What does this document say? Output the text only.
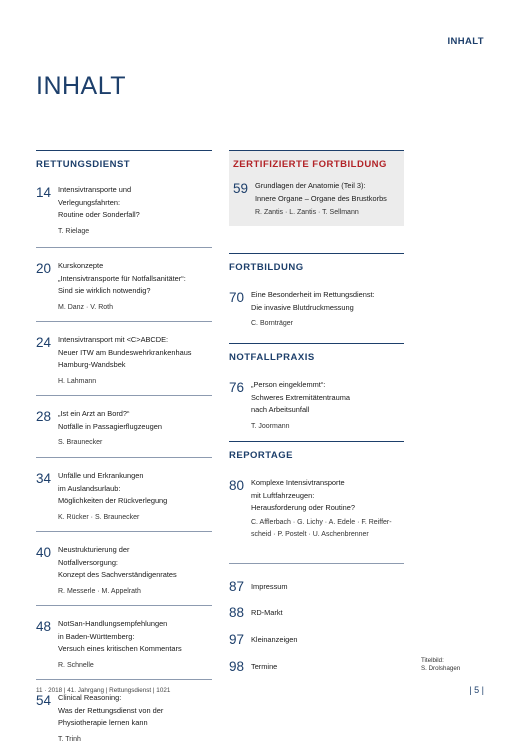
INHALT
INHALT
RETTUNGSDIENST
14 Intensivtransporte und
Verlegungsfahrten:
Routine oder Sonderfall?
T. Rielage
20 Kurskonzepte
„Intensivtransporte für Notfallsanitäter“:
Sind sie wirklich notwendig?
M. Danz · V. Roth
24 Intensivtransport mit <C>ABCDE:
Neuer ITW am Bundeswehrkrankenhaus
Hamburg-Wandsbek
H. Lahmann
28 „Ist ein Arzt an Bord?“
Notfälle in Passagierflugzeugen
S. Braunecker
34 Unfälle und Erkrankungen
im Auslandsurlaub:
Möglichkeiten der Rückverlegung
K. Rücker · S. Braunecker
40 Neustrukturierung der
Notfallversorgung:
Konzept des Sachverständigenrates
R. Messerle · M. Appelrath
48 NotSan-Handlungsempfehlungen
in Baden-Württemberg:
Versuch eines kritischen Kommentars
R. Schnelle
54 Clinical Reasoning:
Was der Rettungsdienst von der
Physiotherapie lernen kann
T. Trinh
ZERTIFIZIERTE FORTBILDUNG
59 Grundlagen der Anatomie (Teil 3):
Innere Organe – Organe des Brustkorbs
R. Zantis · L. Zantis · T. Sellmann
FORTBILDUNG
70 Eine Besonderheit im Rettungsdienst:
Die invasive Blutdruckmessung
C. Bornträger
NOTFALLPRAXIS
76 „Person eingeklemmt“:
Schweres Extremitätentrauma
nach Arbeitsunfall
T. Joormann
REPORTAGE
80 Komplexe Intensivtransporte
mit Luftfahrzeugen:
Herausforderung oder Routine?
C. Afflerbach · G. Lichy · A. Edele · F. Reiffer-
scheid · P. Postelt · U. Aschenbrenner
87 Impressum
88 RD-Markt
97 Kleinanzeigen
98 Termine
Titelbild:
S. Drolshagen
11 · 2018 | 41. Jahrgang | Rettungsdienst | 1021	| 5 |
